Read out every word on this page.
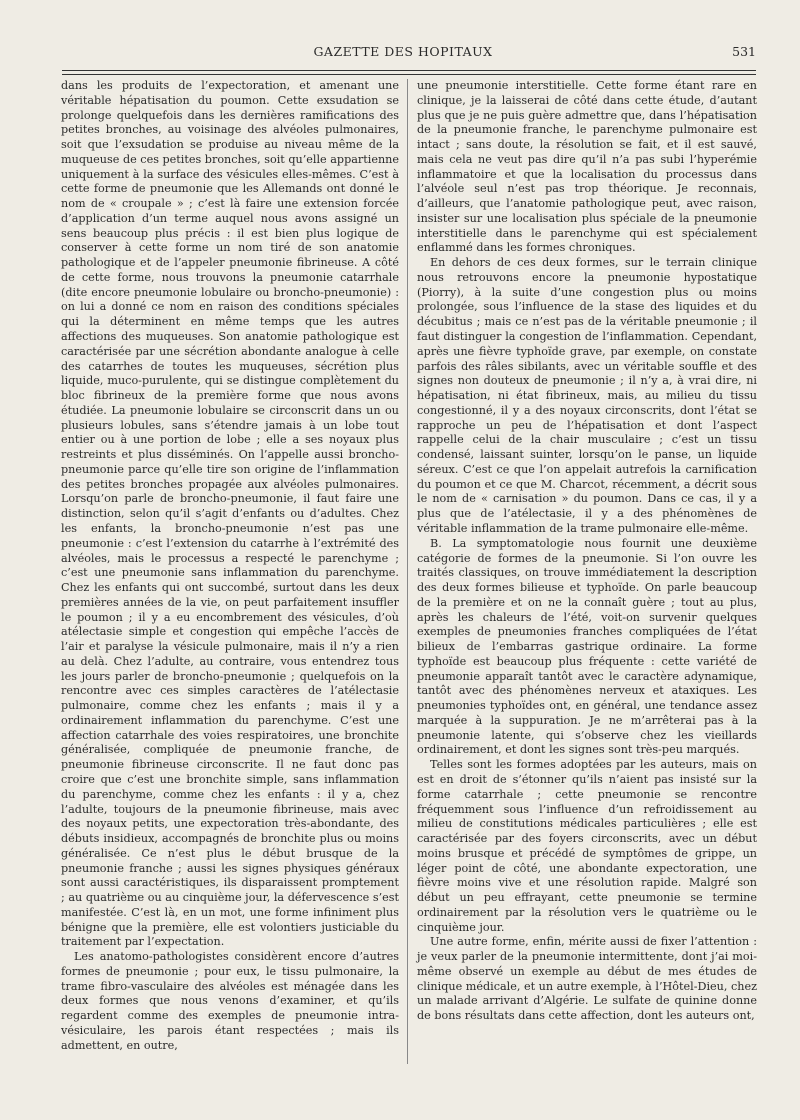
GAZETTE DES HOPITAUX	531

dans les produits de l’expectoration, et amenant une véritable hépatisation du poumon. Cette exsudation se prolonge quelquefois dans les dernières ramifications des petites bronches, au voisinage des alvéoles pulmonaires, soit que l’exsudation se produise au niveau même de la muqueuse de ces petites bronches, soit qu’elle appartienne uniquement à la surface des vésicules elles-mêmes. C’est à cette forme de pneumonie que les Allemands ont donné le nom de « croupale » ; c’est là faire une extension forcée d’application d’un terme auquel nous avons assigné un sens beaucoup plus précis : il est bien plus logique de conserver à cette forme un nom tiré de son anatomie pathologique et de l’appeler pneumonie fibrineuse. A côté de cette forme, nous trouvons la pneumonie catarrhale (dite encore pneumonie lobulaire ou broncho-pneumonie) : on lui a donné ce nom en raison des conditions spéciales qui la déterminent en même temps que les autres affections des muqueuses. Son anatomie pathologique est caractérisée par une sécrétion abondante analogue à celle des catarrhes de toutes les muqueuses, sécrétion plus liquide, muco-purulente, qui se distingue complètement du bloc fibrineux de la première forme que nous avons étudiée. La pneumonie lobulaire se circonscrit dans un ou plusieurs lobules, sans s’étendre jamais à un lobe tout entier ou à une portion de lobe ; elle a ses noyaux plus restreints et plus disséminés. On l’appelle aussi broncho-pneumonie parce qu’elle tire son origine de l’inflammation des petites bronches propagée aux alvéoles pulmonaires. Lorsqu’on parle de broncho-pneumonie, il faut faire une distinction, selon qu’il s’agit d’enfants ou d’adultes. Chez les enfants, la broncho-pneumonie n’est pas une pneumonie : c’est l’extension du catarrhe à l’extrémité des alvéoles, mais le processus a respecté le parenchyme ; c’est une pneumonie sans inflammation du parenchyme. Chez les enfants qui ont succombé, surtout dans les deux premières années de la vie, on peut parfaitement insuffler le poumon ; il y a eu encombrement des vésicules, d’où atélectasie simple et congestion qui empêche l’accès de l’air et paralyse la vésicule pulmonaire, mais il n’y a rien au delà. Chez l’adulte, au contraire, vous entendrez tous les jours parler de broncho-pneumonie ; quelquefois on la rencontre avec ces simples caractères de l’atélectasie pulmonaire, comme chez les enfants ; mais il y a ordinairement inflammation du parenchyme. C’est une affection catarrhale des voies respiratoires, une bronchite généralisée, compliquée de pneumonie franche, de pneumonie fibrineuse circonscrite. Il ne faut donc pas croire que c’est une bronchite simple, sans inflammation du parenchyme, comme chez les enfants : il y a, chez l’adulte, toujours de la pneumonie fibrineuse, mais avec des noyaux petits, une expectoration très-abondante, des débuts insidieux, accompagnés de bronchite plus ou moins généralisée. Ce n’est plus le début brusque de la pneumonie franche ; aussi les signes physiques généraux sont aussi caractéristiques, ils disparaissent promptement ; au quatrième ou au cinquième jour, la défervescence s’est manifestée. C’est là, en un mot, une forme infiniment plus bénigne que la première, elle est volontiers justiciable du traitement par l’expectation.

Les anatomo-pathologistes considèrent encore d’autres formes de pneumonie ; pour eux, le tissu pulmonaire, la trame fibro-vasculaire des alvéoles est ménagée dans les deux formes que nous venons d’examiner, et qu’ils regardent comme des exemples de pneumonie intra-vésiculaire, les parois étant respectées ; mais ils admettent, en outre,

une pneumonie interstitielle. Cette forme étant rare en clinique, je la laisserai de côté dans cette étude, d’autant plus que je ne puis guère admettre que, dans l’hépatisation de la pneumonie franche, le parenchyme pulmonaire est intact ; sans doute, la résolution se fait, et il est sauvé, mais cela ne veut pas dire qu’il n’a pas subi l’hyperémie inflammatoire et que la localisation du processus dans l’alvéole seul n’est pas trop théorique. Je reconnais, d’ailleurs, que l’anatomie pathologique peut, avec raison, insister sur une localisation plus spéciale de la pneumonie interstitielle dans le parenchyme qui est spécialement enflammé dans les formes chroniques.

En dehors de ces deux formes, sur le terrain clinique nous retrouvons encore la pneumonie hypostatique (Piorry), à la suite d’une congestion plus ou moins prolongée, sous l’influence de la stase des liquides et du décubitus ; mais ce n’est pas de la véritable pneumonie ; il faut distinguer la congestion de l’inflammation. Cependant, après une fièvre typhoïde grave, par exemple, on constate parfois des râles sibilants, avec un véritable souffle et des signes non douteux de pneumonie ; il n’y a, à vrai dire, ni hépatisation, ni état fibrineux, mais, au milieu du tissu congestionné, il y a des noyaux circonscrits, dont l’état se rapproche un peu de l’hépatisation et dont l’aspect rappelle celui de la chair musculaire ; c’est un tissu condensé, laissant suinter, lorsqu’on le panse, un liquide séreux. C’est ce que l’on appelait autrefois la carnification du poumon et ce que M. Charcot, récemment, a décrit sous le nom de « carnisation » du poumon. Dans ce cas, il y a plus que de l’atélectasie, il y a des phénomènes de véritable inflammation de la trame pulmonaire elle-même.

B. La symptomatologie nous fournit une deuxième catégorie de formes de la pneumonie. Si l’on ouvre les traités classiques, on trouve immédiatement la description des deux formes bilieuse et typhoïde. On parle beaucoup de la première et on ne la connaît guère ; tout au plus, après les chaleurs de l’été, voit-on survenir quelques exemples de pneumonies franches compliquées de l’état bilieux de l’embarras gastrique ordinaire. La forme typhoïde est beaucoup plus fréquente : cette variété de pneumonie apparaît tantôt avec le caractère adynamique, tantôt avec des phénomènes nerveux et ataxiques. Les pneumonies typhoïdes ont, en général, une tendance assez marquée à la suppuration. Je ne m’arrêterai pas à la pneumonie latente, qui s’observe chez les vieillards ordinairement, et dont les signes sont très-peu marqués.

Telles sont les formes adoptées par les auteurs, mais on est en droit de s’étonner qu’ils n’aient pas insisté sur la forme catarrhale ; cette pneumonie se rencontre fréquemment sous l’influence d’un refroidissement au milieu de constitutions médicales particulières ; elle est caractérisée par des foyers circonscrits, avec un début moins brusque et précédé de symptômes de grippe, un léger point de côté, une abondante expectoration, une fièvre moins vive et une résolution rapide. Malgré son début un peu effrayant, cette pneumonie se termine ordinairement par la résolution vers le quatrième ou le cinquième jour.

Une autre forme, enfin, mérite aussi de fixer l’attention : je veux parler de la pneumonie intermittente, dont j’ai moi-même observé un exemple au début de mes études de clinique médicale, et un autre exemple, à l’Hôtel-Dieu, chez un malade arrivant d’Algérie. Le sulfate de quinine donne de bons résultats dans cette affection, dont les auteurs ont,
